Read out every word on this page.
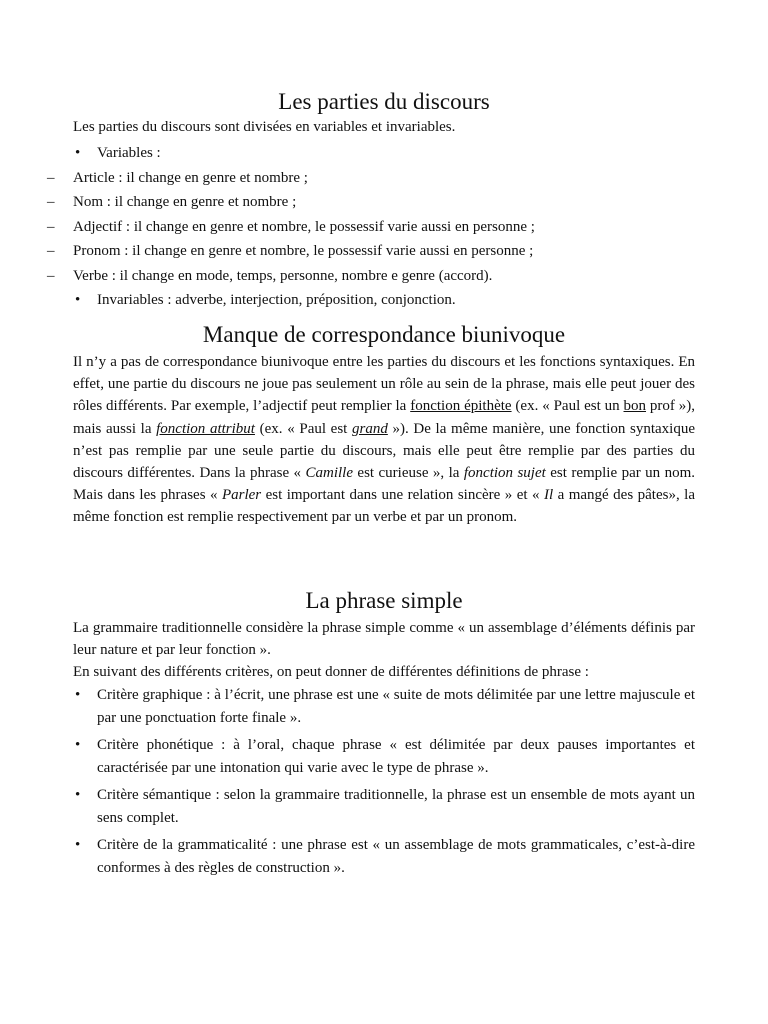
Les parties du discours
Les parties du discours sont divisées en variables et invariables.
• Variables :
– Article : il change en genre et nombre ;
– Nom : il change en genre et nombre ;
– Adjectif : il change en genre et nombre, le possessif varie aussi en personne ;
– Pronom : il change en genre et nombre, le possessif varie aussi en personne ;
– Verbe : il change en mode, temps, personne, nombre e genre (accord).
• Invariables : adverbe, interjection, préposition, conjonction.
Manque de correspondance biunivoque
Il n’y a pas de correspondance biunivoque entre les parties du discours et les fonctions syntaxiques. En effet, une partie du discours ne joue pas seulement un rôle au sein de la phrase, mais elle peut jouer des rôles différents. Par exemple, l’adjectif peut remplier la fonction épithète (ex. « Paul est un bon prof »), mais aussi la fonction attribut (ex. « Paul est grand »). De la même manière, une fonction syntaxique n’est pas remplie par une seule partie du discours, mais elle peut être remplie par des parties du discours différentes. Dans la phrase « Camille est curieuse », la fonction sujet est remplie par un nom. Mais dans les phrases « Parler est important dans une relation sincère » et « Il a mangé des pâtes», la même fonction est remplie respectivement par un verbe et par un pronom.
La phrase simple
La grammaire traditionnelle considère la phrase simple comme « un assemblage d’éléments définis par leur nature et par leur fonction ».
En suivant des différents critères, on peut donner de différentes définitions de phrase :
• Critère graphique : à l’écrit, une phrase est une « suite de mots délimitée par une lettre majuscule et par une ponctuation forte finale ».
• Critère phonétique : à l’oral, chaque phrase « est délimitée par deux pauses importantes et caractérisée par une intonation qui varie avec le type de phrase ».
• Critère sémantique : selon la grammaire traditionnelle, la phrase est un ensemble de mots ayant un sens complet.
• Critère de la grammaticalité : une phrase est « un assemblage de mots grammaticales, c’est-à-dire conformes à des règles de construction ».
